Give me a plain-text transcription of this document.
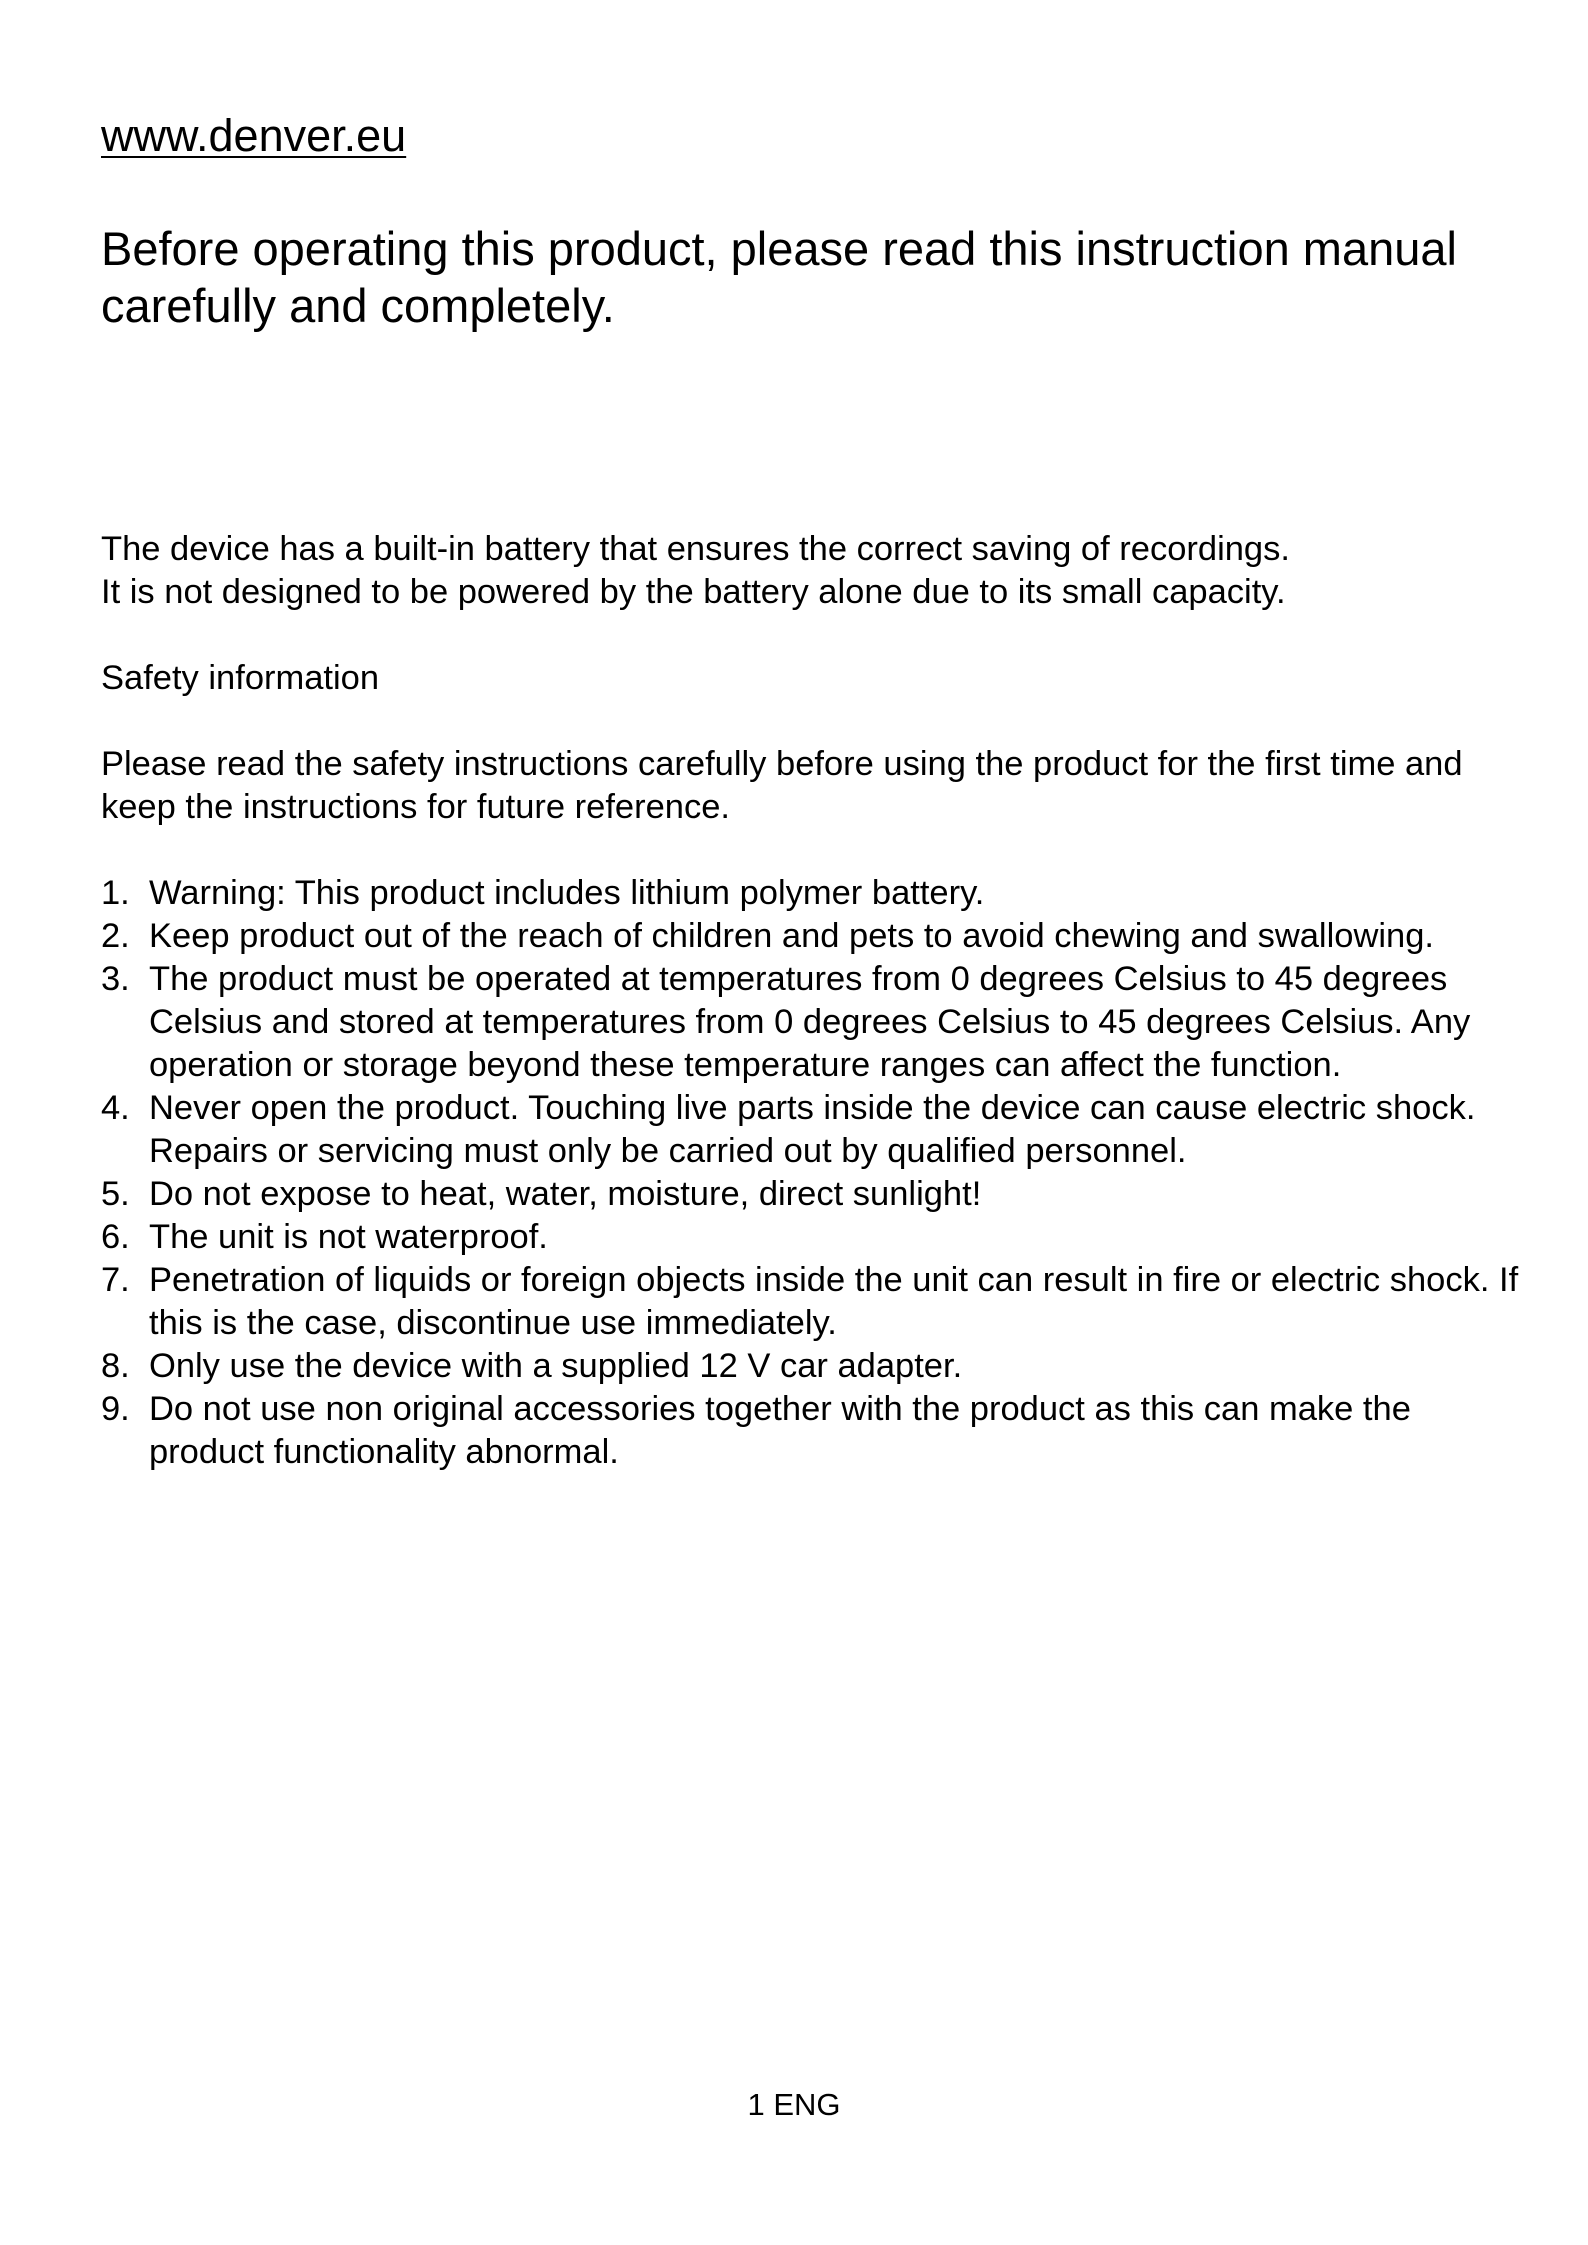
www.denver.eu
Before operating this product, please read this instruction manual carefully and completely.

The device has a built-in battery that ensures the correct saving of recordings.
It is not designed to be powered by the battery alone due to its small capacity.

Safety information

Please read the safety instructions carefully before using the product for the first time and keep the instructions for future reference.

1. Warning: This product includes lithium polymer battery.
2. Keep product out of the reach of children and pets to avoid chewing and swallowing.
3. The product must be operated at temperatures from 0 degrees Celsius to 45 degrees Celsius and stored at temperatures from 0 degrees Celsius to 45 degrees Celsius. Any operation or storage beyond these temperature ranges can affect the function.
4. Never open the product. Touching live parts inside the device can cause electric shock. Repairs or servicing must only be carried out by qualified personnel.
5. Do not expose to heat, water, moisture, direct sunlight!
6. The unit is not waterproof.
7. Penetration of liquids or foreign objects inside the unit can result in fire or electric shock. If this is the case, discontinue use immediately.
8. Only use the device with a supplied 12 V car adapter.
9. Do not use non original accessories together with the product as this can make the product functionality abnormal.
1 ENG
